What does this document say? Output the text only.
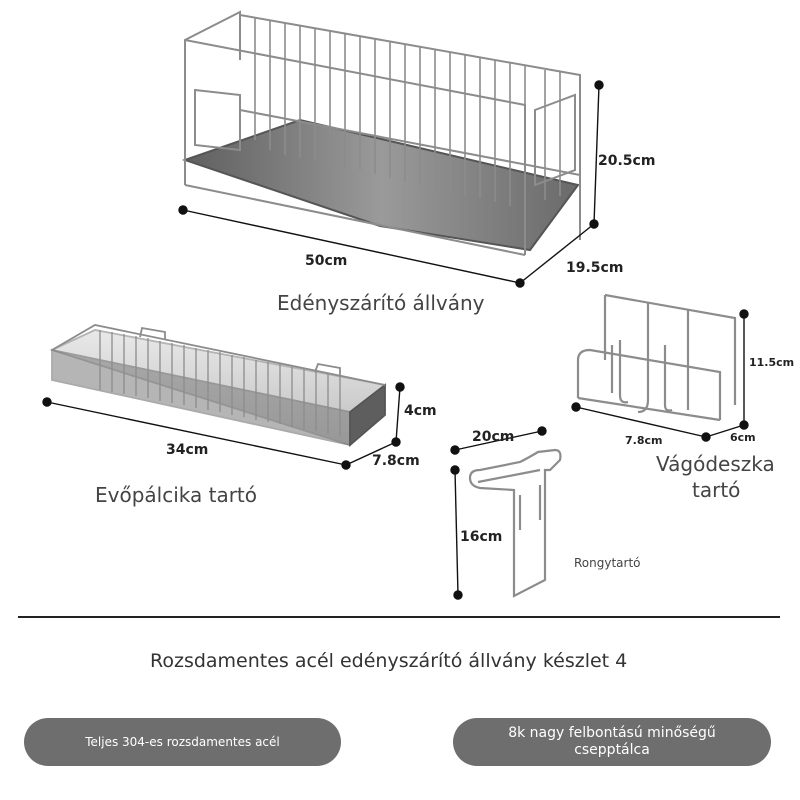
50cm
20.5cm
19.5cm
Edényszárító állvány
34cm
4cm
7.8cm
Evőpálcika tartó
11.5cm
7.8cm	6cm
Vágódeszka
tartó
20cm
16cm
Rongytartó
Rozsdamentes acél edényszárító állvány készlet 4
Teljes 304-es rozsdamentes acél
8k nagy felbontású minőségű
csepptálca
